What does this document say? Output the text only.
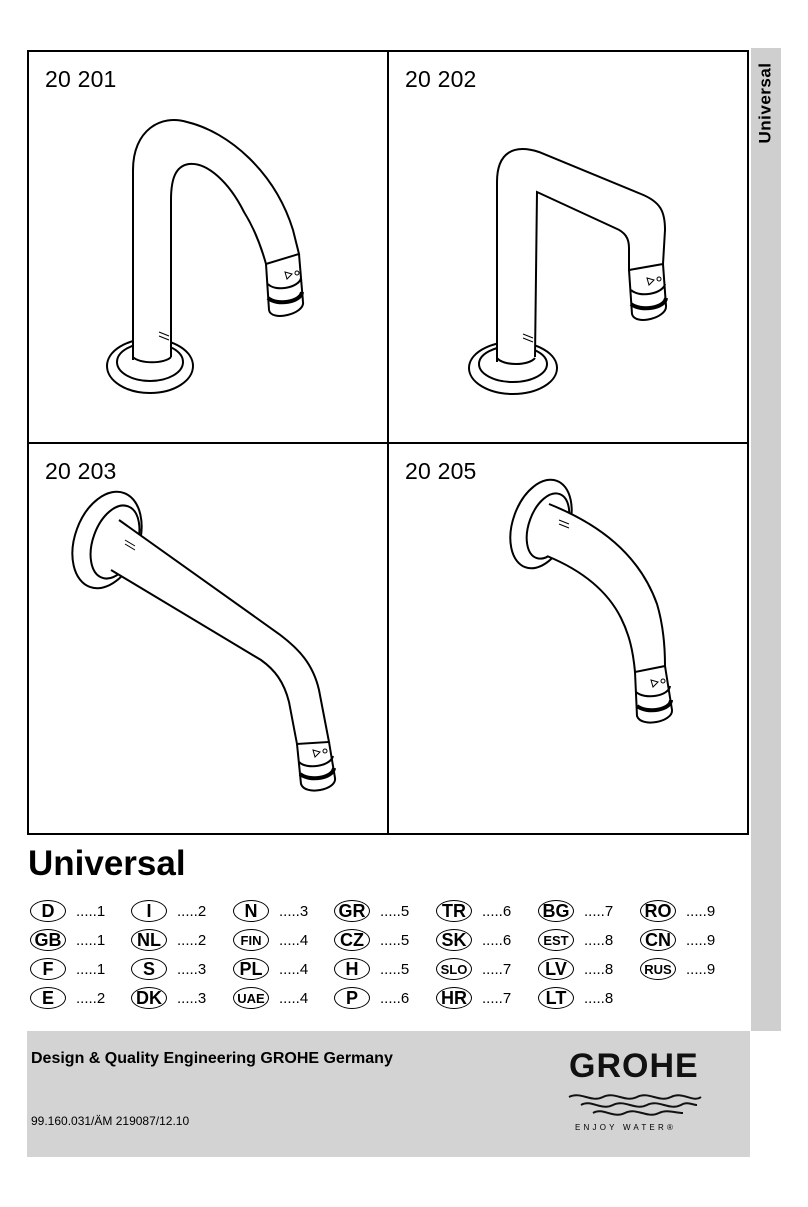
Universal
20 201	20 202
20 203	20 205
Universal
D	.....1	I	.....2	N	.....3 GR .....5	TR	.....6 BG .....7 RO .....9
GB .....1	NL	.....2	FIN	.....4	CZ	.....5	SK	.....6	EST	.....8 CN	.....9
F	.....1	S	.....3	PL	.....4	H	.....5	SLO .....7	LV	.....8	RUS .....9
E	.....2 DK	.....3	UAE .....4	P	.....6 HR	.....7	LT	.....8
Design & Quality Engineering GROHE Germany
99.160.031/ÄM 219087/12.10
GROHE
ENJOY WATER®
